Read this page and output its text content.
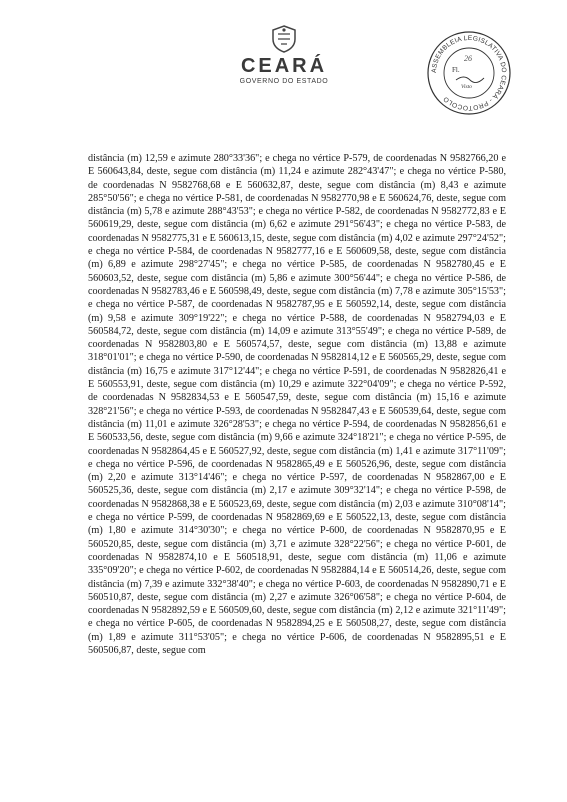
CEARÁ
GOVERNO DO ESTADO
ASSEMBLEIA LEGISLATIVA DO CEARÁ - PROTOCOLO
Fl.
Visto
26

distância (m) 12,59 e azimute 280°33'36"; e chega no vértice P-579, de coordenadas N 9582766,20 e E 560643,84, deste, segue com distância (m) 11,24 e azimute 282°43'47"; e chega no vértice P-580, de coordenadas N 9582768,68 e E 560632,87, deste, segue com distância (m) 8,43 e azimute 285°50'56"; e chega no vértice P-581, de coordenadas N 9582770,98 e E 560624,76, deste, segue com distância (m) 5,78 e azimute 288°43'53"; e chega no vértice P-582, de coordenadas N 9582772,83 e E 560619,29, deste, segue com distância (m) 6,62 e azimute 291°56'43"; e chega no vértice P-583, de coordenadas N 9582775,31 e E 560613,15, deste, segue com distância (m) 4,02 e azimute 297°24'52"; e chega no vértice P-584, de coordenadas N 9582777,16 e E 560609,58, deste, segue com distância (m) 6,89 e azimute 298°27'45"; e chega no vértice P-585, de coordenadas N 9582780,45 e E 560603,52, deste, segue com distância (m) 5,86 e azimute 300°56'44"; e chega no vértice P-586, de coordenadas N 9582783,46 e E 560598,49, deste, segue com distância (m) 7,78 e azimute 305°15'53"; e chega no vértice P-587, de coordenadas N 9582787,95 e E 560592,14, deste, segue com distância (m) 9,58 e azimute 309°19'22"; e chega no vértice P-588, de coordenadas N 9582794,03 e E 560584,72, deste, segue com distância (m) 14,09 e azimute 313°55'49"; e chega no vértice P-589, de coordenadas N 9582803,80 e E 560574,57, deste, segue com distância (m) 13,88 e azimute 318°01'01"; e chega no vértice P-590, de coordenadas N 9582814,12 e E 560565,29, deste, segue com distância (m) 16,75 e azimute 317°12'44"; e chega no vértice P-591, de coordenadas N 9582826,41 e E 560553,91, deste, segue com distância (m) 10,29 e azimute 322°04'09"; e chega no vértice P-592, de coordenadas N 9582834,53 e E 560547,59, deste, segue com distância (m) 15,16 e azimute 328°21'56"; e chega no vértice P-593, de coordenadas N 9582847,43 e E 560539,64, deste, segue com distância (m) 11,01 e azimute 326°28'53"; e chega no vértice P-594, de coordenadas N 9582856,61 e E 560533,56, deste, segue com distância (m) 9,66 e azimute 324°18'21"; e chega no vértice P-595, de coordenadas N 9582864,45 e E 560527,92, deste, segue com distância (m) 1,41 e azimute 317°11'09"; e chega no vértice P-596, de coordenadas N 9582865,49 e E 560526,96, deste, segue com distância (m) 2,20 e azimute 313°14'46"; e chega no vértice P-597, de coordenadas N 9582867,00 e E 560525,36, deste, segue com distância (m) 2,17 e azimute 309°32'14"; e chega no vértice P-598, de coordenadas N 9582868,38 e E 560523,69, deste, segue com distância (m) 2,03 e azimute 310°08'14"; e chega no vértice P-599, de coordenadas N 9582869,69 e E 560522,13, deste, segue com distância (m) 1,80 e azimute 314°30'30"; e chega no vértice P-600, de coordenadas N 9582870,95 e E 560520,85, deste, segue com distância (m) 3,71 e azimute 328°22'56"; e chega no vértice P-601, de coordenadas N 9582874,10 e E 560518,91, deste, segue com distância (m) 11,06 e azimute 335°09'20"; e chega no vértice P-602, de coordenadas N 9582884,14 e E 560514,26, deste, segue com distância (m) 7,39 e azimute 332°38'40"; e chega no vértice P-603, de coordenadas N 9582890,71 e E 560510,87, deste, segue com distância (m) 2,27 e azimute 326°06'58"; e chega no vértice P-604, de coordenadas N 9582892,59 e E 560509,60, deste, segue com distância (m) 2,12 e azimute 321°11'49"; e chega no vértice P-605, de coordenadas N 9582894,25 e E 560508,27, deste, segue com distância (m) 1,89 e azimute 311°53'05"; e chega no vértice P-606, de coordenadas N 9582895,51 e E 560506,87, deste, segue com
